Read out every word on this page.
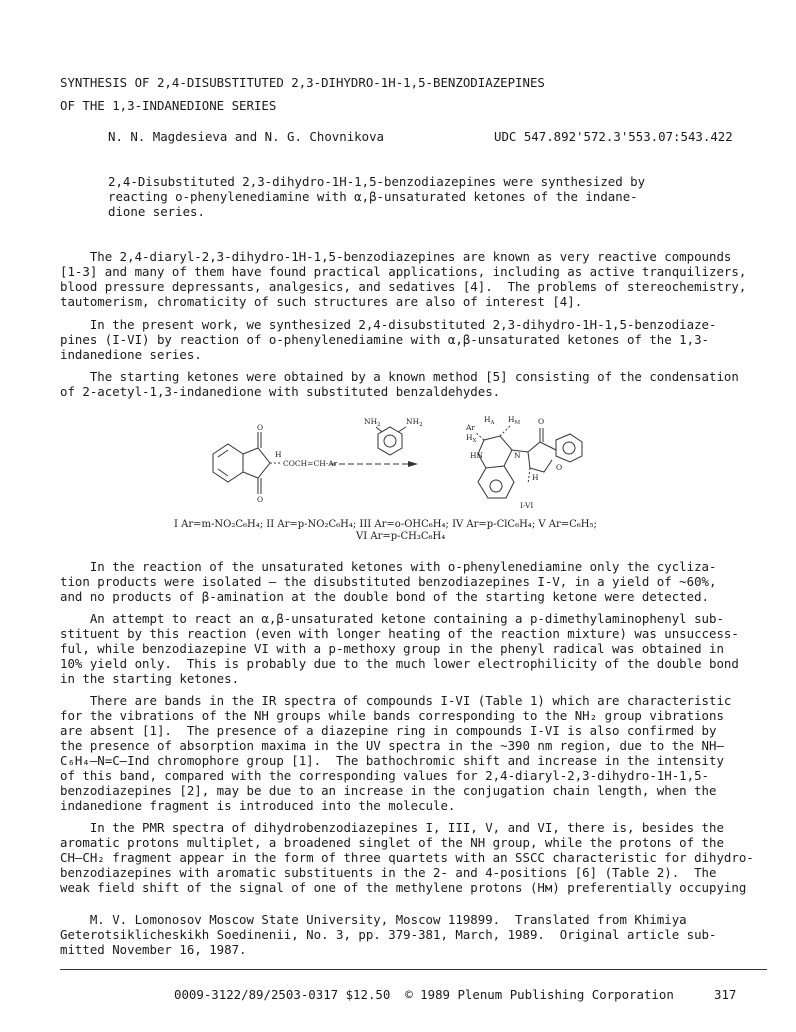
SYNTHESIS OF 2,4-DISUBSTITUTED 2,3-DIHYDRO-1H-1,5-BENZODIAZEPINES
OF THE 1,3-INDANEDIONE SERIES
N. N. Magdesieva and N. G. Chovnikova	UDC 547.892'572.3'553.07:543.422
2,4-Disubstituted 2,3-dihydro-1H-1,5-benzodiazepines were synthesized by
reacting o-phenylenediamine with α,β-unsaturated ketones of the indane-
dione series.
The 2,4-diaryl-2,3-dihydro-1H-1,5-benzodiazepines are known as very reactive compounds
[1-3] and many of them have found practical applications, including as active tranquilizers,
blood pressure depressants, analgesics, and sedatives [4].  The problems of stereochemistry,
tautomerism, chromaticity of such structures are also of interest [4].
In the present work, we synthesized 2,4-disubstituted 2,3-dihydro-1H-1,5-benzodiaze-
pines (I-VI) by reaction of o-phenylenediamine with α,β-unsaturated ketones of the 1,3-
indanedione series.
The starting ketones were obtained by a known method [5] consisting of the condensation
of 2-acetyl-1,3-indanedione with substituted benzaldehydes.
O
O
H
COCH=CH-Ar
$NH_2$	$NH_2$
$H_A$ $H_M$
Ar
$H_X$
HN	N
H
O
O
I-VI
I Ar=m-NO₂C₆H₄; II Ar=p-NO₂C₆H₄; III Ar=o-OHC₆H₄; IV Ar=p-ClC₆H₄; V Ar=C₆H₅;
VI Ar=p-CH₃C₆H₄
In the reaction of the unsaturated ketones with o-phenylenediamine only the cycliza-
tion products were isolated — the disubstituted benzodiazepines I-V, in a yield of ~60%,
and no products of β-amination at the double bond of the starting ketone were detected.
An attempt to react an α,β-unsaturated ketone containing a p-dimethylaminophenyl sub-
stituent by this reaction (even with longer heating of the reaction mixture) was unsuccess-
ful, while benzodiazepine VI with a p-methoxy group in the phenyl radical was obtained in
10% yield only.  This is probably due to the much lower electrophilicity of the double bond
in the starting ketones.
There are bands in the IR spectra of compounds I-VI (Table 1) which are characteristic
for the vibrations of the NH groups while bands corresponding to the NH₂ group vibrations
are absent [1].  The presence of a diazepine ring in compounds I-VI is also confirmed by
the presence of absorption maxima in the UV spectra in the ~390 nm region, due to the NH—
C₆H₄—N=C—Ind chromophore group [1].  The bathochromic shift and increase in the intensity
of this band, compared with the corresponding values for 2,4-diaryl-2,3-dihydro-1H-1,5-
benzodiazepines [2], may be due to an increase in the conjugation chain length, when the
indanedione fragment is introduced into the molecule.
In the PMR spectra of dihydrobenzodiazepines I, III, V, and VI, there is, besides the
aromatic protons multiplet, a broadened singlet of the NH group, while the protons of the
CH—CH₂ fragment appear in the form of three quartets with an SSCC characteristic for dihydro-
benzodiazepines with aromatic substituents in the 2- and 4-positions [6] (Table 2).  The
weak field shift of the signal of one of the methylene protons (Hм) preferentially occupying
M. V. Lomonosov Moscow State University, Moscow 119899.  Translated from Khimiya
Geterotsiklicheskikh Soedinenii, No. 3, pp. 379-381, March, 1989.  Original article sub-
mitted November 16, 1987.
0009-3122/89/2503-0317 $12.50  © 1989 Plenum Publishing Corporation	317
